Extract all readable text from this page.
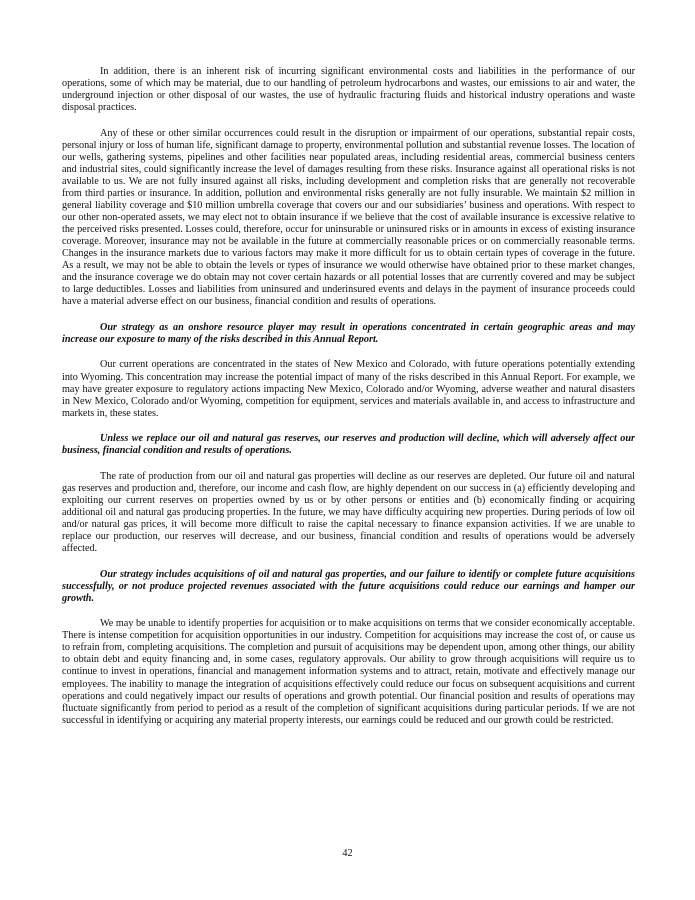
In addition, there is an inherent risk of incurring significant environmental costs and liabilities in the performance of our operations, some of which may be material, due to our handling of petroleum hydrocarbons and wastes, our emissions to air and water, the underground injection or other disposal of our wastes, the use of hydraulic fracturing fluids and historical industry operations and waste disposal practices.

Any of these or other similar occurrences could result in the disruption or impairment of our operations, substantial repair costs, personal injury or loss of human life, significant damage to property, environmental pollution and substantial revenue losses. The location of our wells, gathering systems, pipelines and other facilities near populated areas, including residential areas, commercial business centers and industrial sites, could significantly increase the level of damages resulting from these risks. Insurance against all operational risks is not available to us. We are not fully insured against all risks, including development and completion risks that are generally not recoverable from third parties or insurance. In addition, pollution and environmental risks generally are not fully insurable. We maintain $2 million in general liability coverage and $10 million umbrella coverage that covers our and our subsidiaries’ business and operations. With respect to our other non-operated assets, we may elect not to obtain insurance if we believe that the cost of available insurance is excessive relative to the perceived risks presented. Losses could, therefore, occur for uninsurable or uninsured risks or in amounts in excess of existing insurance coverage. Moreover, insurance may not be available in the future at commercially reasonable prices or on commercially reasonable terms. Changes in the insurance markets due to various factors may make it more difficult for us to obtain certain types of coverage in the future. As a result, we may not be able to obtain the levels or types of insurance we would otherwise have obtained prior to these market changes, and the insurance coverage we do obtain may not cover certain hazards or all potential losses that are currently covered and may be subject to large deductibles. Losses and liabilities from uninsured and underinsured events and delays in the payment of insurance proceeds could have a material adverse effect on our business, financial condition and results of operations.

Our strategy as an onshore resource player may result in operations concentrated in certain geographic areas and may increase our exposure to many of the risks described in this Annual Report.

Our current operations are concentrated in the states of New Mexico and Colorado, with future operations potentially extending into Wyoming. This concentration may increase the potential impact of many of the risks described in this Annual Report. For example, we may have greater exposure to regulatory actions impacting New Mexico, Colorado and/or Wyoming, adverse weather and natural disasters in New Mexico, Colorado and/or Wyoming, competition for equipment, services and materials available in, and access to infrastructure and markets in, these states.

Unless we replace our oil and natural gas reserves, our reserves and production will decline, which will adversely affect our business, financial condition and results of operations.

The rate of production from our oil and natural gas properties will decline as our reserves are depleted. Our future oil and natural gas reserves and production and, therefore, our income and cash flow, are highly dependent on our success in (a) efficiently developing and exploiting our current reserves on properties owned by us or by other persons or entities and (b) economically finding or acquiring additional oil and natural gas producing properties. In the future, we may have difficulty acquiring new properties. During periods of low oil and/or natural gas prices, it will become more difficult to raise the capital necessary to finance expansion activities. If we are unable to replace our production, our reserves will decrease, and our business, financial condition and results of operations would be adversely affected.

Our strategy includes acquisitions of oil and natural gas properties, and our failure to identify or complete future acquisitions successfully, or not produce projected revenues associated with the future acquisitions could reduce our earnings and hamper our growth.

We may be unable to identify properties for acquisition or to make acquisitions on terms that we consider economically acceptable. There is intense competition for acquisition opportunities in our industry. Competition for acquisitions may increase the cost of, or cause us to refrain from, completing acquisitions. The completion and pursuit of acquisitions may be dependent upon, among other things, our ability to obtain debt and equity financing and, in some cases, regulatory approvals. Our ability to grow through acquisitions will require us to continue to invest in operations, financial and management information systems and to attract, retain, motivate and effectively manage our employees. The inability to manage the integration of acquisitions effectively could reduce our focus on subsequent acquisitions and current operations and could negatively impact our results of operations and growth potential. Our financial position and results of operations may fluctuate significantly from period to period as a result of the completion of significant acquisitions during particular periods. If we are not successful in identifying or acquiring any material property interests, our earnings could be reduced and our growth could be restricted.

42
